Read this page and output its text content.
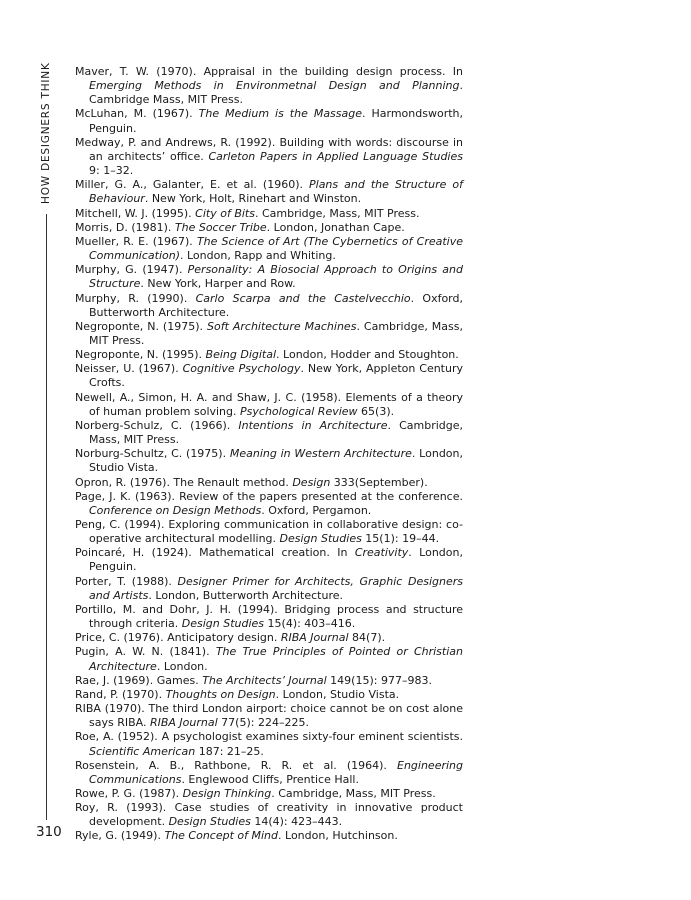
HOW DESIGNERS THINK
310
Maver, T. W. (1970). Appraisal in the building design process. In Emerging Methods in Environmetnal Design and Planning. Cambridge Mass, MIT Press.
McLuhan, M. (1967). The Medium is the Massage. Harmondsworth, Penguin.
Medway, P. and Andrews, R. (1992). Building with words: discourse in an architects’ office. Carleton Papers in Applied Language Studies 9: 1–32.
Miller, G. A., Galanter, E. et al. (1960). Plans and the Structure of Behaviour. New York, Holt, Rinehart and Winston.
Mitchell, W. J. (1995). City of Bits. Cambridge, Mass, MIT Press.
Morris, D. (1981). The Soccer Tribe. London, Jonathan Cape.
Mueller, R. E. (1967). The Science of Art (The Cybernetics of Creative Communication). London, Rapp and Whiting.
Murphy, G. (1947). Personality: A Biosocial Approach to Origins and Structure. New York, Harper and Row.
Murphy, R. (1990). Carlo Scarpa and the Castelvecchio. Oxford, Butterworth Architecture.
Negroponte, N. (1975). Soft Architecture Machines. Cambridge, Mass, MIT Press.
Negroponte, N. (1995). Being Digital. London, Hodder and Stoughton.
Neisser, U. (1967). Cognitive Psychology. New York, Appleton Century Crofts.
Newell, A., Simon, H. A. and Shaw, J. C. (1958). Elements of a theory of human problem solving. Psychological Review 65(3).
Norberg-Schulz, C. (1966). Intentions in Architecture. Cambridge, Mass, MIT Press.
Norburg-Schultz, C. (1975). Meaning in Western Architecture. London, Studio Vista.
Opron, R. (1976). The Renault method. Design 333(September).
Page, J. K. (1963). Review of the papers presented at the conference. Conference on Design Methods. Oxford, Pergamon.
Peng, C. (1994). Exploring communication in collaborative design: co-operative architectural modelling. Design Studies 15(1): 19–44.
Poincaré, H. (1924). Mathematical creation. In Creativity. London, Penguin.
Porter, T. (1988). Designer Primer for Architects, Graphic Designers and Artists. London, Butterworth Architecture.
Portillo, M. and Dohr, J. H. (1994). Bridging process and structure through criteria. Design Studies 15(4): 403–416.
Price, C. (1976). Anticipatory design. RIBA Journal 84(7).
Pugin, A. W. N. (1841). The True Principles of Pointed or Christian Architecture. London.
Rae, J. (1969). Games. The Architects’ Journal 149(15): 977–983.
Rand, P. (1970). Thoughts on Design. London, Studio Vista.
RIBA (1970). The third London airport: choice cannot be on cost alone says RIBA. RIBA Journal 77(5): 224–225.
Roe, A. (1952). A psychologist examines sixty-four eminent scientists. Scientific American 187: 21–25.
Rosenstein, A. B., Rathbone, R. R. et al. (1964). Engineering Communications. Englewood Cliffs, Prentice Hall.
Rowe, P. G. (1987). Design Thinking. Cambridge, Mass, MIT Press.
Roy, R. (1993). Case studies of creativity in innovative product development. Design Studies 14(4): 423–443.
Ryle, G. (1949). The Concept of Mind. London, Hutchinson.
